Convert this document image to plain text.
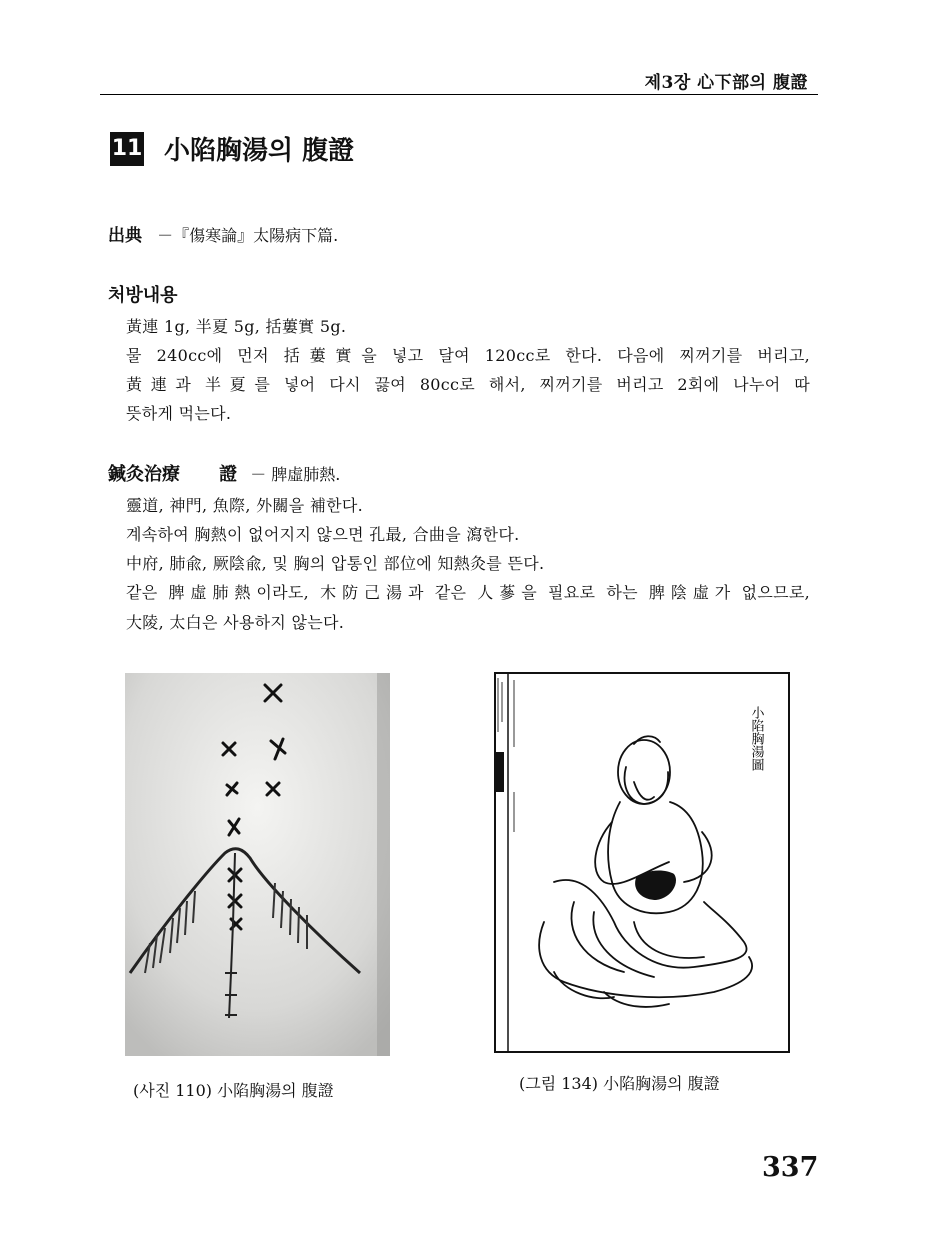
제3장 心下部의 腹證
11 小陷胸湯의 腹證
出典 －『傷寒論』太陽病下篇.
처방내용
黃連 1g, 半夏 5g, 括蔞實 5g.
물 240cc에 먼저 括蔞實을 넣고 달여 120cc로 한다. 다음에 찌꺼기를 버리고,
黃連과 半夏를 넣어 다시 끓여 80cc로 해서, 찌꺼기를 버리고 2회에 나누어 따
뜻하게 먹는다.
鍼灸治療 證 － 脾虛肺熱.
靈道, 神門, 魚際, 外關을 補한다.
계속하여 胸熱이 없어지지 않으면 孔最, 合曲을 瀉한다.
中府, 肺兪, 厥陰兪, 및 胸의 압통인 部位에 知熱灸를 뜬다.
같은 脾虛肺熱이라도, 木防己湯과 같은 人蔘을 필요로 하는 脾陰虛가 없으므로,
大陵, 太白은 사용하지 않는다.
小陷胸湯圖
(사진 110) 小陷胸湯의 腹證	(그림 134) 小陷胸湯의 腹證
337
